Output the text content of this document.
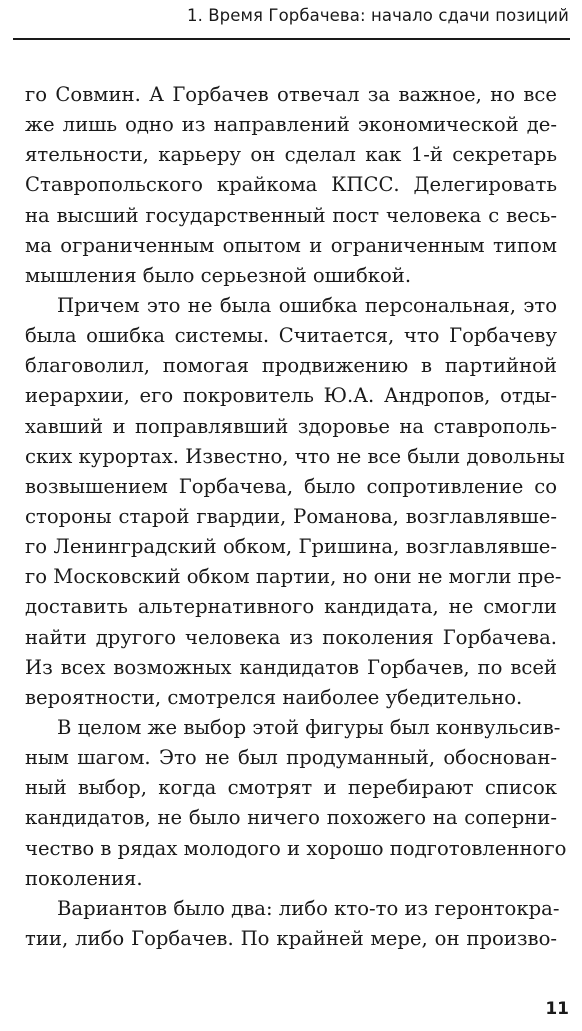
1. Время Горбачева: начало сдачи позиций
го Совмин. А Горбачев отвечал за важное, но все
же лишь одно из направлений экономической де-
ятельности, карьеру он сделал как 1-й секретарь
Ставропольского крайкома КПСС. Делегировать
на высший государственный пост человека с весь-
ма ограниченным опытом и ограниченным типом
мышления было серьезной ошибкой.
Причем это не была ошибка персональная, это
была ошибка системы. Считается, что Горбачеву
благоволил, помогая продвижению в партийной
иерархии, его покровитель Ю.А. Андропов, отды-
хавший и поправлявший здоровье на ставрополь-
ских курортах. Известно, что не все были довольны
возвышением Горбачева, было сопротивление со
стороны старой гвардии, Романова, возглавлявше-
го Ленинградский обком, Гришина, возглавлявше-
го Московский обком партии, но они не могли пре-
доставить альтернативного кандидата, не смогли
найти другого человека из поколения Горбачева.
Из всех возможных кандидатов Горбачев, по всей
вероятности, смотрелся наиболее убедительно.
В целом же выбор этой фигуры был конвульсив-
ным шагом. Это не был продуманный, обоснован-
ный выбор, когда смотрят и перебирают список
кандидатов, не было ничего похожего на соперни-
чество в рядах молодого и хорошо подготовленного
поколения.
Вариантов было два: либо кто-то из геронтокра-
тии, либо Горбачев. По крайней мере, он произво-
11
